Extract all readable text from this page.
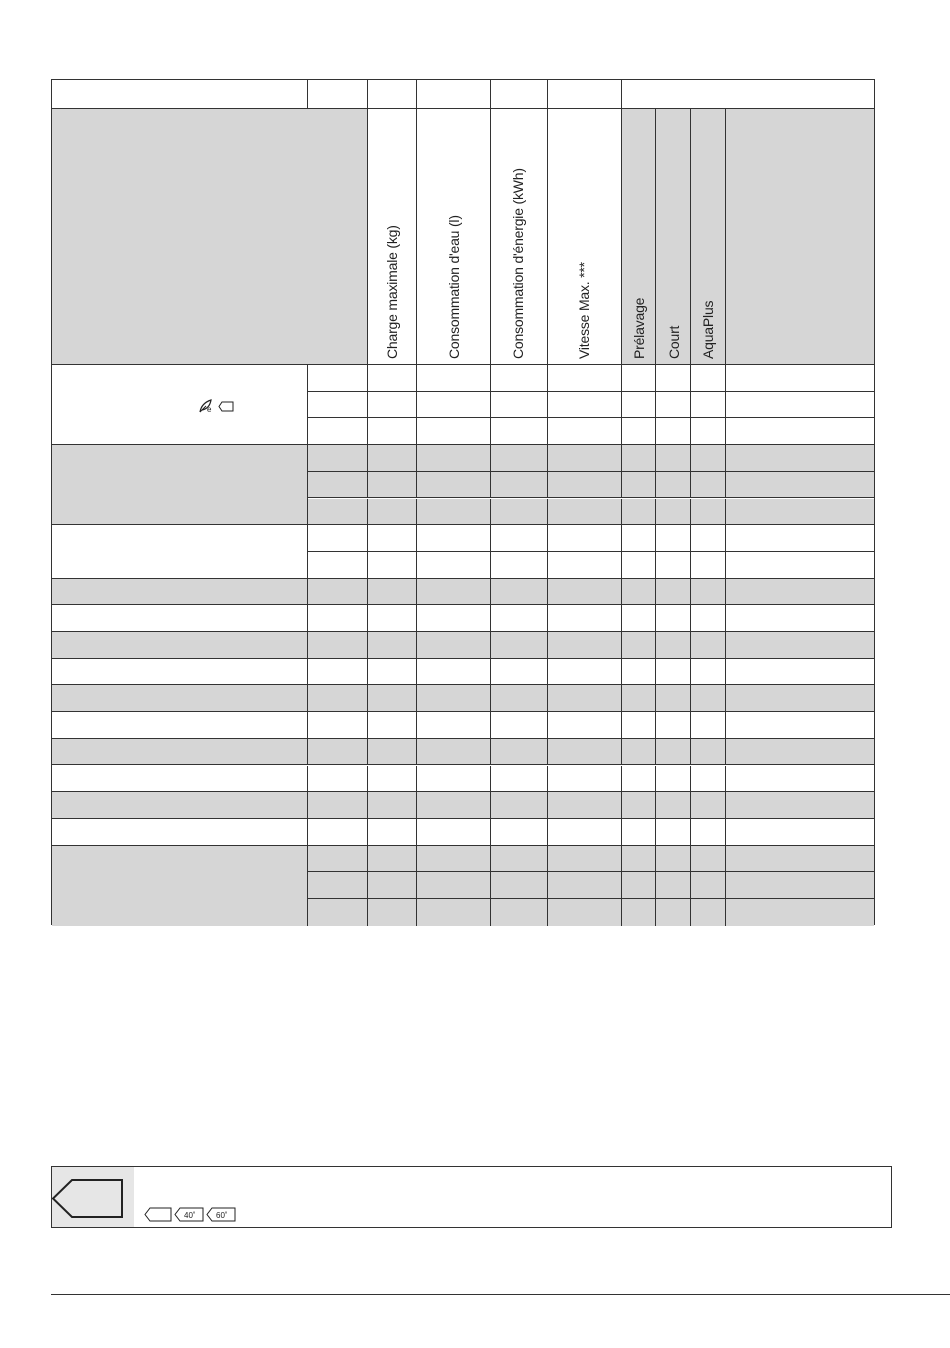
Charge maximale (kg)	Consommation d'eau (l)	Consommation d'énergie (kWh)	Vitesse Max. ***	Prélavage Court AquaPlus
e
40˚	60˚
